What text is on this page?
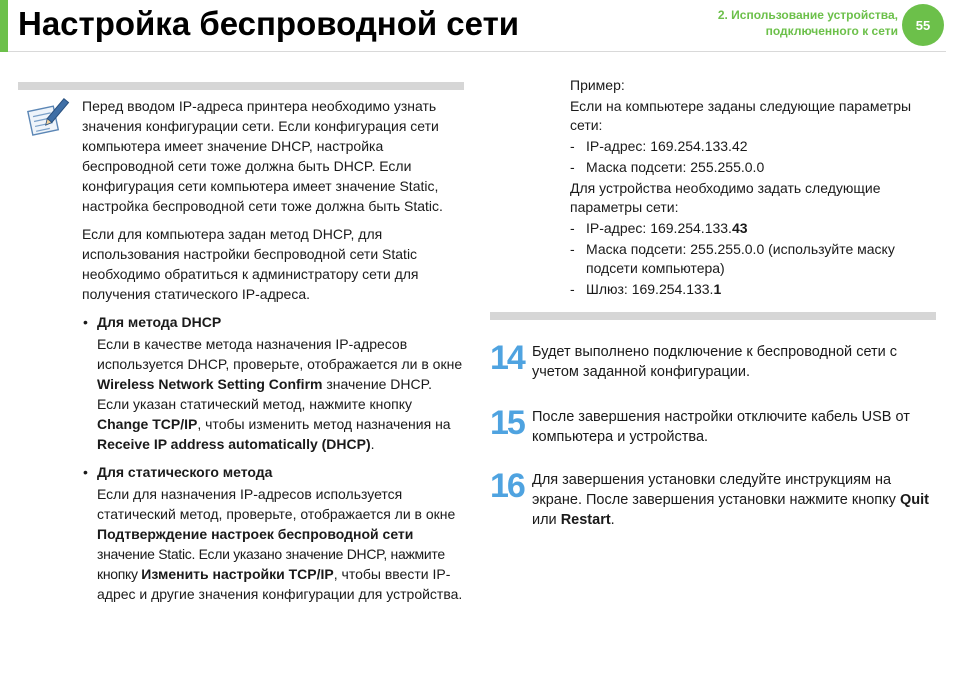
Настройка беспроводной сети	2. Использование устройства,
подключенного к сети	55

Перед вводом IP-адреса принтера необходимо узнать значения конфигурации сети. Если конфигурация сети компьютера имеет значение DHCP, настройка беспроводной сети тоже должна быть DHCP. Если конфигурация сети компьютера имеет значение Static, настройка беспроводной сети тоже должна быть Static.

Если для компьютера задан метод DHCP, для использования настройки беспроводной сети Static необходимо обратиться к администратору сети для получения статического IP-адреса.

• Для метода DHCP
Если в качестве метода назначения IP-адресов используется DHCP, проверьте, отображается ли в окне Wireless Network Setting Confirm значение DHCP. Если указан статический метод, нажмите кнопку Change TCP/IP, чтобы изменить метод назначения на Receive IP address automatically (DHCP).
• Для статического метода
Если для назначения IP-адресов используется статический метод, проверьте, отображается ли в окне Подтверждение настроек беспроводной сети значение Static. Если указано значение DHCP, нажмите кнопку Изменить настройки TCP/IP, чтобы ввести IP-адрес и другие значения конфигурации для устройства.
Пример:
Если на компьютере заданы следующие параметры сети:
- IP-адрес: 169.254.133.42
- Маска подсети: 255.255.0.0
Для устройства необходимо задать следующие параметры сети:
- IP-адрес: 169.254.133.43
- Маска подсети: 255.255.0.0 (используйте маску подсети компьютера)
- Шлюз: 169.254.133.1
14 Будет выполнено подключение к беспроводной сети с учетом заданной конфигурации.
15 После завершения настройки отключите кабель USB от компьютера и устройства.
16 Для завершения установки следуйте инструкциям на экране. После завершения установки нажмите кнопку Quit или Restart.
